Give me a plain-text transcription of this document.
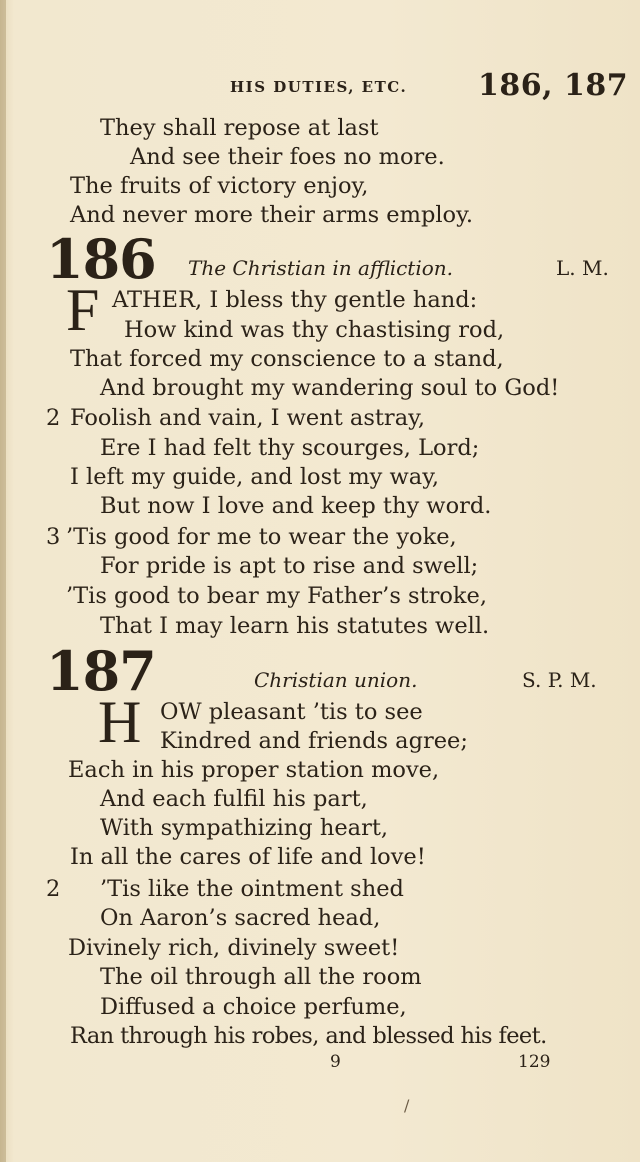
HIS DUTIES, ETC. 186, 187
They shall repose at last
And see their foes no more.
The fruits of victory enjoy,
And never more their arms employ.
186 The Christian in affliction.	L. M.
F ATHER, I bless thy gentle hand:
How kind was thy chastising rod,
That forced my conscience to a stand,
And brought my wandering soul to God!
2 Foolish and vain, I went astray,
Ere I had felt thy scourges, Lord;
I left my guide, and lost my way,
But now I love and keep thy word.
3 ’Tis good for me to wear the yoke,
For pride is apt to rise and swell;
’Tis good to bear my Father’s stroke,
That I may learn his statutes well.
187	Christian union.	S. P. M.
H OW pleasant ’tis to see
Kindred and friends agree;
Each in his proper station move,
And each fulfil his part,
With sympathizing heart,
In all the cares of life and love!
2 ’Tis like the ointment shed
On Aaron’s sacred head,
Divinely rich, divinely sweet!
The oil through all the room
Diffused a choice perfume,
Ran through his robes, and blessed his feet.
9	129
/
